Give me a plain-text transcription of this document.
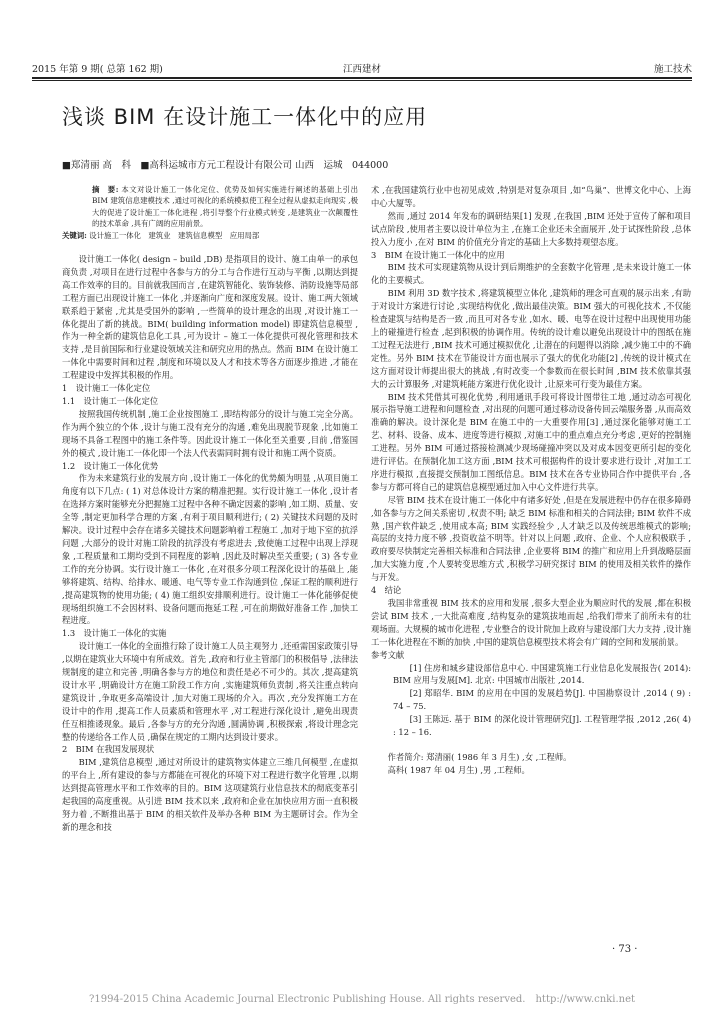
2015 年第 9 期( 总第 162 期)	江西建材	施工技术
浅谈 BIM 在设计施工一体化中的应用
■郑清丽 高　科　■高科运城市方元工程设计有限公司 山西　运城　044000

摘　要: 本文对设计施工一体化定位、优势及如何实施进行阐述的基础上引出 BIM 建筑信息建模技术 ,通过可视化的系统模拟使工程全过程从虚拟走向现实 ,极大的促进了设计施工一体化进程 ,将引导整个行业模式转变 ,是建筑业一次颠覆性的技术革命 ,具有广阔的应用前景。

关键词: 设计施工一体化　建筑业　建筑信息模型　应用局部

设计施工一体化( design – build ,DB) 是指项目的设计、施工由单一的承包商负责 ,对项目在进行过程中各参与方的分工与合作进行互动与平衡 ,以期达到提高工作效率的目的。目前就我国而言 ,在建筑智能化、装饰装修、消防设施等局部工程方面已出现设计施工一体化 ,并逐渐向广度和深度发展。设计、施工两大领域联系趋于紧密 ,尤其是受国外的影响 ,一些简单的设计理念的出现 ,对设计施工一体化提出了新的挑战。BIM( building information model) 即建筑信息模型 ,作为一种全新的建筑信息化工具 ,可为设计 – 施工一体化提供可视化管理和技术支持 ,是目前国际和行业建设领域关注和研究应用的热点。然而 BIM 在设计施工一体化中需要时间和过程 ,制度和环境以及人才和技术等各方面逐步推进 ,才能在工程建设中发挥其积极的作用。

1　设计施工一体化定位
1.1　设计施工一体化定位

按照我国传统机制 ,施工企业按图施工 ,即结构部分的设计与施工完全分离。作为两个独立的个体 ,设计与施工没有充分的沟通 ,难免出现脱节现象 ,比如施工现场不具备工程图中的施工条件等。因此设计施工一体化至关重要 ,目前 ,借鉴国外的模式 ,设计施工一体化即一个法人代表需同时拥有设计和施工两个资质。

1.2　设计施工一体化优势

作为未来建筑行业的发展方向 ,设计施工一体化的优势颇为明显 ,从项目施工角度有以下几点: ( 1) 对总体设计方案的精准把握。实行设计施工一体化 ,设计者在选择方案时能够充分把握施工过程中各种不确定因素的影响 ,如工期、质量、安全等 ,制定更加科学合理的方案 ,有利于项目顺利进行; ( 2) 关键技术问题的及时解决。设计过程中会存在诸多关键技术问题影响着工程施工 ,加对于地下室的抗浮问题 ,大部分的设计对施工阶段的抗浮没有考虑进去 ,致使施工过程中出现上浮现象 ,工程质量和工期均受到不同程度的影响 ,因此及时解决至关重要; ( 3) 各专业工作的充分协调。实行设计施工一体化 ,在对很多分项工程深化设计的基础上 ,能够将建筑、结构、给排水、暖通、电气等专业工作沟通到位 ,保证工程的顺利进行 ,提高建筑物的使用功能; ( 4) 施工组织安排顺利进行。设计施工一体化能够促使现场组织施工不会因材料、设备问题而拖延工程 ,可在前期做好准备工作 ,加快工程进度。

1.3　设计施工一体化的实施

设计施工一体化的全面推行除了设计施工人员主观努力 ,还亟需国家政策引导 ,以期在建筑业大环境中有所成效。首先 ,政府和行业主管部门的积极倡导 ,法律法规制度的建立和完善 ,明确各参与方的地位和责任是必不可少的。其次 ,提高建筑设计水平 ,明确设计方在施工阶段工作方向 ,实施建筑师负责制 ,将关注重点转向建筑设计 ,争取更多高端设计 ,加大对施工现场的介入。再次 ,充分发挥施工方在设计中的作用 ,提高工作人员素质和管理水平 ,对工程进行深化设计 ,避免出现责任互相推诿现象。最后 ,各参与方的充分沟通 ,圆满协调 ,积极探索 ,将设计理念完整的传递给各工作人员 ,确保在规定的工期内达到设计要求。

2　BIM 在我国发展现状

BIM ,建筑信息模型 ,通过对所设计的建筑物实体建立三维几何模型 ,在虚拟的平台上 ,所有建设的参与方都能在可视化的环境下对工程进行数字化管理 ,以期达到提高管理水平和工作效率的目的。BIM 这项建筑行业信息技术的彻底变革引起我国的高度重视。从引进 BIM 技术以来 ,政府和企业在加快应用方面一直积极努力着 ,不断推出基于 BIM 的相关软件及举办各种 BIM 为主题研讨会。作为全新的理念和技

术 ,在我国建筑行业中也初见成效 ,特别是对复杂项目 ,如“鸟巢”、世博文化中心、上海中心大厦等。

然而 ,通过 2014 年发布的调研结果[1] 发现 ,在我国 ,BIM 还处于宣传了解和项目试点阶段 ,使用者主要以设计单位为主 ,在施工企业还未全面展开 ,处于试探性阶段 ,总体投入力度小 ,在对 BIM 的价值充分肯定的基础上大多数持观望态度。

3　BIM 在设计施工一体化中的应用

BIM 技术可实现建筑物从设计到后期维护的全套数字化管理 ,是未来设计施工一体化的主要模式。

BIM 利用 3D 数字技术 ,将建筑模型立体化 ,建筑师的理念可直观的展示出来 ,有助于对设计方案进行讨论 ,实现结构优化 ,做出最佳决策。BIM 强大的可视化技术 ,不仅能检查建筑与结构是否一致 ,而且可对各专业 ,如水、暖、电等在设计过程中出现使用功能上的碰撞进行检查 ,起到积极的协调作用。传统的设计难以避免出现设计中的图纸在施工过程无法进行 ,BIM 技术可通过模拟优化 ,让潜在的问题得以消除 ,减少施工中的不确定性。另外 BIM 技术在节能设计方面也展示了强大的优化功能[2] ,传统的设计模式在这方面对设计师提出很大的挑战 ,有时改变一个参数而在很长时间 ,BIM 技术依靠其强大的云计算服务 ,对建筑耗能方案进行优化设计 ,让原来可行变为最佳方案。

BIM 技术凭借其可视化优势 ,利用通讯手段可将设计图带往工地 ,通过动态可视化展示指导施工进程和问题检查 ,对出现的问题可通过移动设备传回云端服务器 ,从而高效准确的解决。设计深化是 BIM 在施工中的一大重要作用[3] ,通过深化能够对施工工艺、材料、设备、成本、进度等进行模拟 ,对施工中的重点难点充分考虑 ,更好的控制施工进程。另外 BIM 可通过搭接检测减少现场碰撞冲突以及对成本因变更所引起的变化进行评估。在预制化加工这方面 ,BIM 技术可根据构件的设计要求进行设计 ,对加工工序进行模拟 ,直接提交预制加工图纸信息。BIM 技术在各专业协同合作中提供平台 ,各参与方都可将自己的建筑信息模型通过加入中心文件进行共享。

尽管 BIM 技术在设计施工一体化中有诸多好处 ,但是在发展进程中仍存在很多障碍 ,如各参与方之间关系密切 ,权责不明; 缺乏 BIM 标准和相关的合同法律; BIM 软件不成熟 ,国产软件缺乏 ,使用成本高; BIM 实践经验少 ,人才缺乏以及传统思维模式的影响; 高层的支持力度不够 ,投资收益不明等。针对以上问题 ,政府、企业、个人应积极联手 ,政府要尽快制定完善相关标准和合同法律 ,企业要将 BIM 的推广和应用上升到战略层面 ,加大实施力度 ,个人要转变思维方式 ,积极学习研究探讨 BIM 的使用及相关软件的操作与开发。

4　结论

我国非常重视 BIM 技术的应用和发展 ,很多大型企业为顺应时代的发展 ,都在积极尝试 BIM 技术 ,一大批高难度 ,结构复杂的建筑拔地而起 ,给我们带来了前所未有的壮观场面。大规模的城市化进程 ,专业整合的设计院加上政府与建设部门大力支持 ,设计施工一体化进程在不断的加快 ,中国的建筑信息模型技术将会有广阔的空间和发展前景。

参考文献

[1] 住房和城乡建设部信息中心. 中国建筑施工行业信息化发展报告( 2014): BIM 应用与发展[M]. 北京: 中国城市出版社 ,2014.

[2] 郑昭华. BIM 的应用在中国的发展趋势[J]. 中国勘察设计 ,2014 ( 9) : 74 – 75.

[3] 王陈远. 基于 BIM 的深化设计管理研究[J]. 工程管理学报 ,2012 ,26( 4) : 12 – 16.

作者简介: 郑清丽( 1986 年 3 月生) ,女 ,工程师。

高科( 1987 年 04 月生) ,男 ,工程师。

· 73 ·
?1994-2015 China Academic Journal Electronic Publishing House. All rights reserved.　http://www.cnki.net
